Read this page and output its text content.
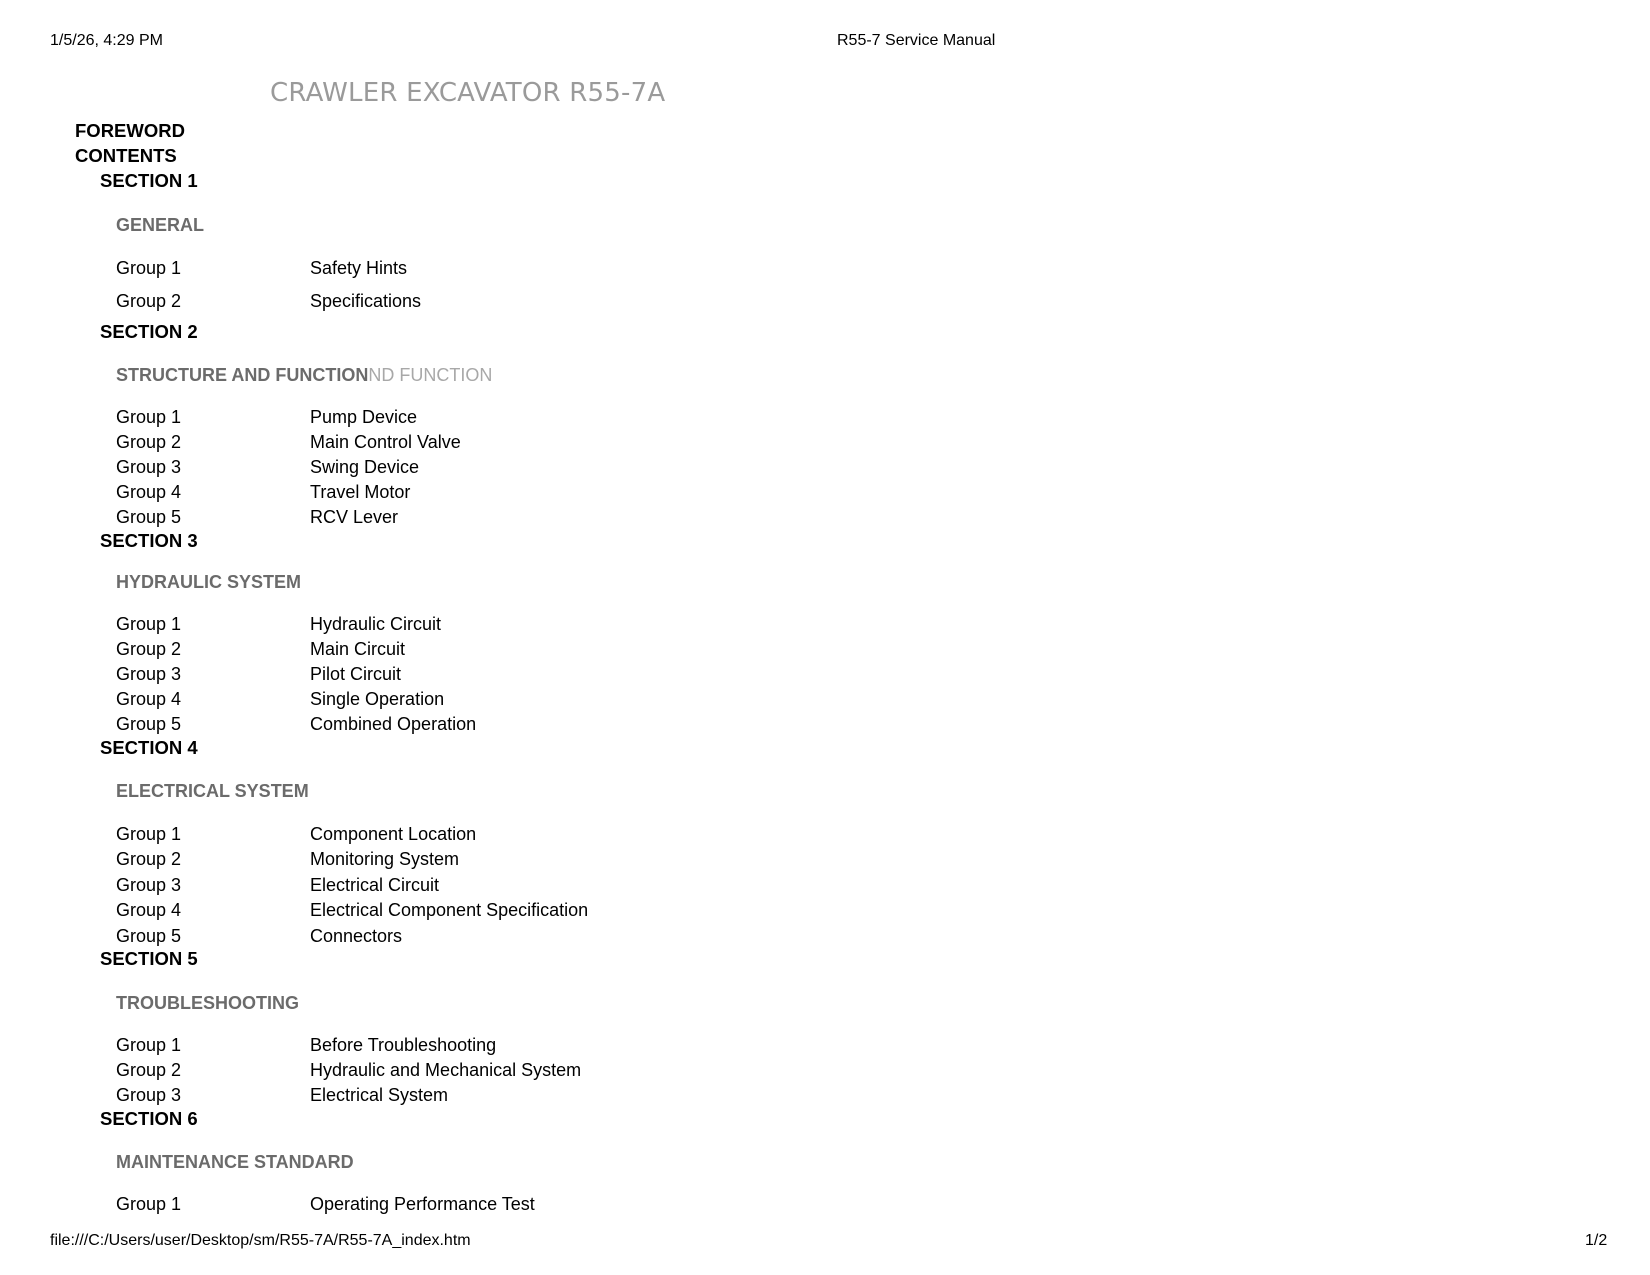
1/5/26, 4:29 PM	R55-7 Service Manual
CRAWLER EXCAVATOR R55-7A
FOREWORD
CONTENTS
SECTION 1
GENERAL
Group 1	Safety Hints
Group 2	Specifications
SECTION 2
STRUCTURE AND FUNCTIONND FUNCTION
Group 1	Pump Device
Group 2	Main Control Valve
Group 3	Swing Device
Group 4	Travel Motor
Group 5	RCV Lever
SECTION 3
HYDRAULIC SYSTEM
Group 1	Hydraulic Circuit
Group 2	Main Circuit
Group 3	Pilot Circuit
Group 4	Single Operation
Group 5	Combined Operation
SECTION 4
ELECTRICAL SYSTEM
Group 1	Component Location
Group 2	Monitoring System
Group 3	Electrical Circuit
Group 4	Electrical Component Specification
Group 5	Connectors
SECTION 5
TROUBLESHOOTING
Group 1	Before Troubleshooting
Group 2	Hydraulic and Mechanical System
Group 3	Electrical System
SECTION 6
MAINTENANCE STANDARD
Group 1	Operating Performance Test
file:///C:/Users/user/Desktop/sm/R55-7A/R55-7A_index.htm	1/2
